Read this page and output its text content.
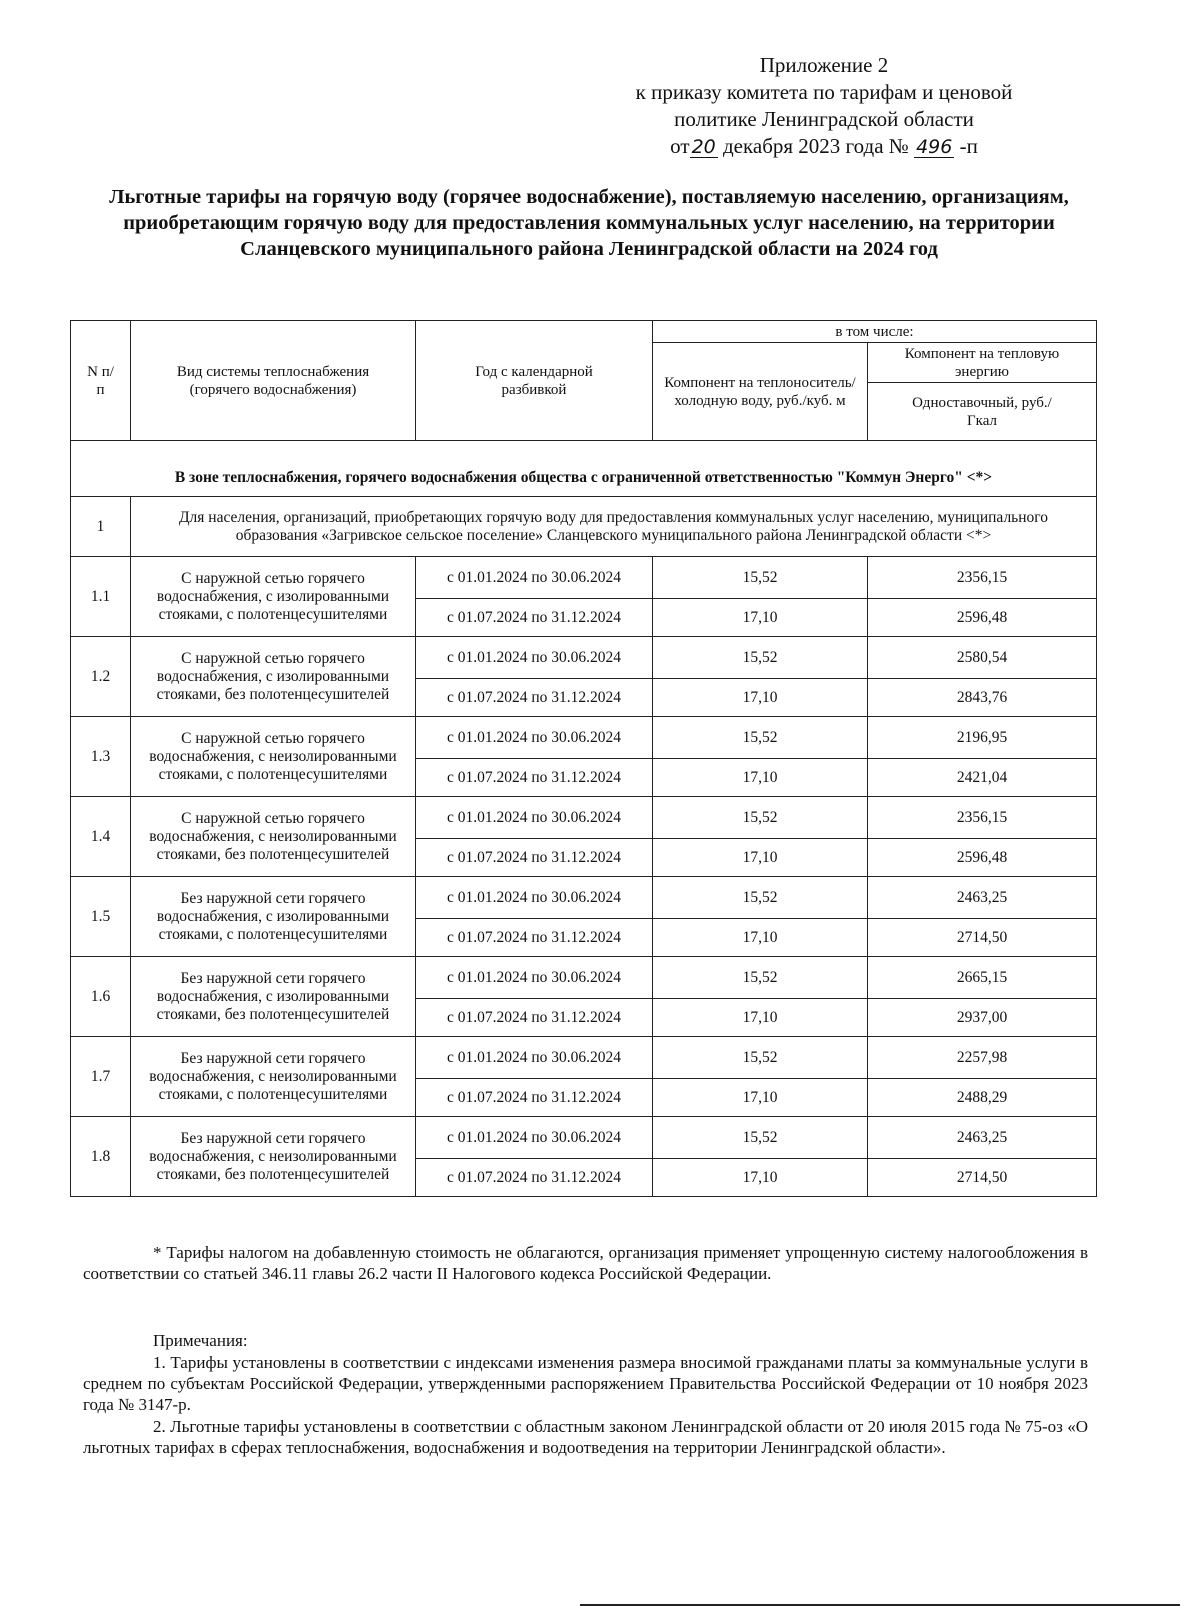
Приложение 2
к приказу комитета по тарифам и ценовой
политике Ленинградской области
от 20 декабря 2023 года № 496 -п
Льготные тарифы на горячую воду (горячее водоснабжение), поставляемую населению, организациям, приобретающим горячую воду для предоставления коммунальных услуг населению, на территории Сланцевского муниципального района Ленинградской области на 2024 год
N п/п	Вид системы теплоснабжения (горячего водоснабжения)	Год с календарной разбивкой	в том числе:	
			Компонент на теплоноситель/холодную воду, руб./куб. м	Компонент на тепловую энергию
				Одноставочный, руб./Гкал
В зоне теплоснабжения, горячего водоснабжения общества с ограниченной ответственностью "Коммун Энерго" <*>				
1	Для населения, организаций, приобретающих горячую воду для предоставления коммунальных услуг населению, муниципального образования «Загривское сельское поселение» Сланцевского муниципального района Ленинградской области <*>			
1.1	С наружной сетью горячего водоснабжения, с изолированными стояками, с полотенцесушителями	с 01.01.2024 по 30.06.2024	15,52	2356,15
		с 01.07.2024 по 31.12.2024	17,10	2596,48
1.2	С наружной сетью горячего водоснабжения, с изолированными стояками, без полотенцесушителей	с 01.01.2024 по 30.06.2024	15,52	2580,54
		с 01.07.2024 по 31.12.2024	17,10	2843,76
1.3	С наружной сетью горячего водоснабжения, с неизолированными стояками, с полотенцесушителями	с 01.01.2024 по 30.06.2024	15,52	2196,95
		с 01.07.2024 по 31.12.2024	17,10	2421,04
1.4	С наружной сетью горячего водоснабжения, с неизолированными стояками, без полотенцесушителей	с 01.01.2024 по 30.06.2024	15,52	2356,15
		с 01.07.2024 по 31.12.2024	17,10	2596,48
1.5	Без наружной сети горячего водоснабжения, с изолированными стояками, с полотенцесушителями	с 01.01.2024 по 30.06.2024	15,52	2463,25
		с 01.07.2024 по 31.12.2024	17,10	2714,50
1.6	Без наружной сети горячего водоснабжения, с изолированными стояками, без полотенцесушителей	с 01.01.2024 по 30.06.2024	15,52	2665,15
		с 01.07.2024 по 31.12.2024	17,10	2937,00
1.7	Без наружной сети горячего водоснабжения, с неизолированными стояками, с полотенцесушителями	с 01.01.2024 по 30.06.2024	15,52	2257,98
		с 01.07.2024 по 31.12.2024	17,10	2488,29
1.8	Без наружной сети горячего водоснабжения, с неизолированными стояками, без полотенцесушителей	с 01.01.2024 по 30.06.2024	15,52	2463,25
		с 01.07.2024 по 31.12.2024	17,10	2714,50
* Тарифы налогом на добавленную стоимость не облагаются, организация применяет упрощенную систему налогообложения в соответствии со статьей 346.11 главы 26.2 части II Налогового кодекса Российской Федерации.
Примечания:
1. Тарифы установлены в соответствии с индексами изменения размера вносимой гражданами платы за коммунальные услуги в среднем по субъектам Российской Федерации, утвержденными распоряжением Правительства Российской Федерации от 10 ноября 2023 года № 3147-р.
2. Льготные тарифы установлены в соответствии с областным законом Ленинградской области от 20 июля 2015 года № 75-оз «О льготных тарифах в сферах теплоснабжения, водоснабжения и водоотведения на территории Ленинградской области».
